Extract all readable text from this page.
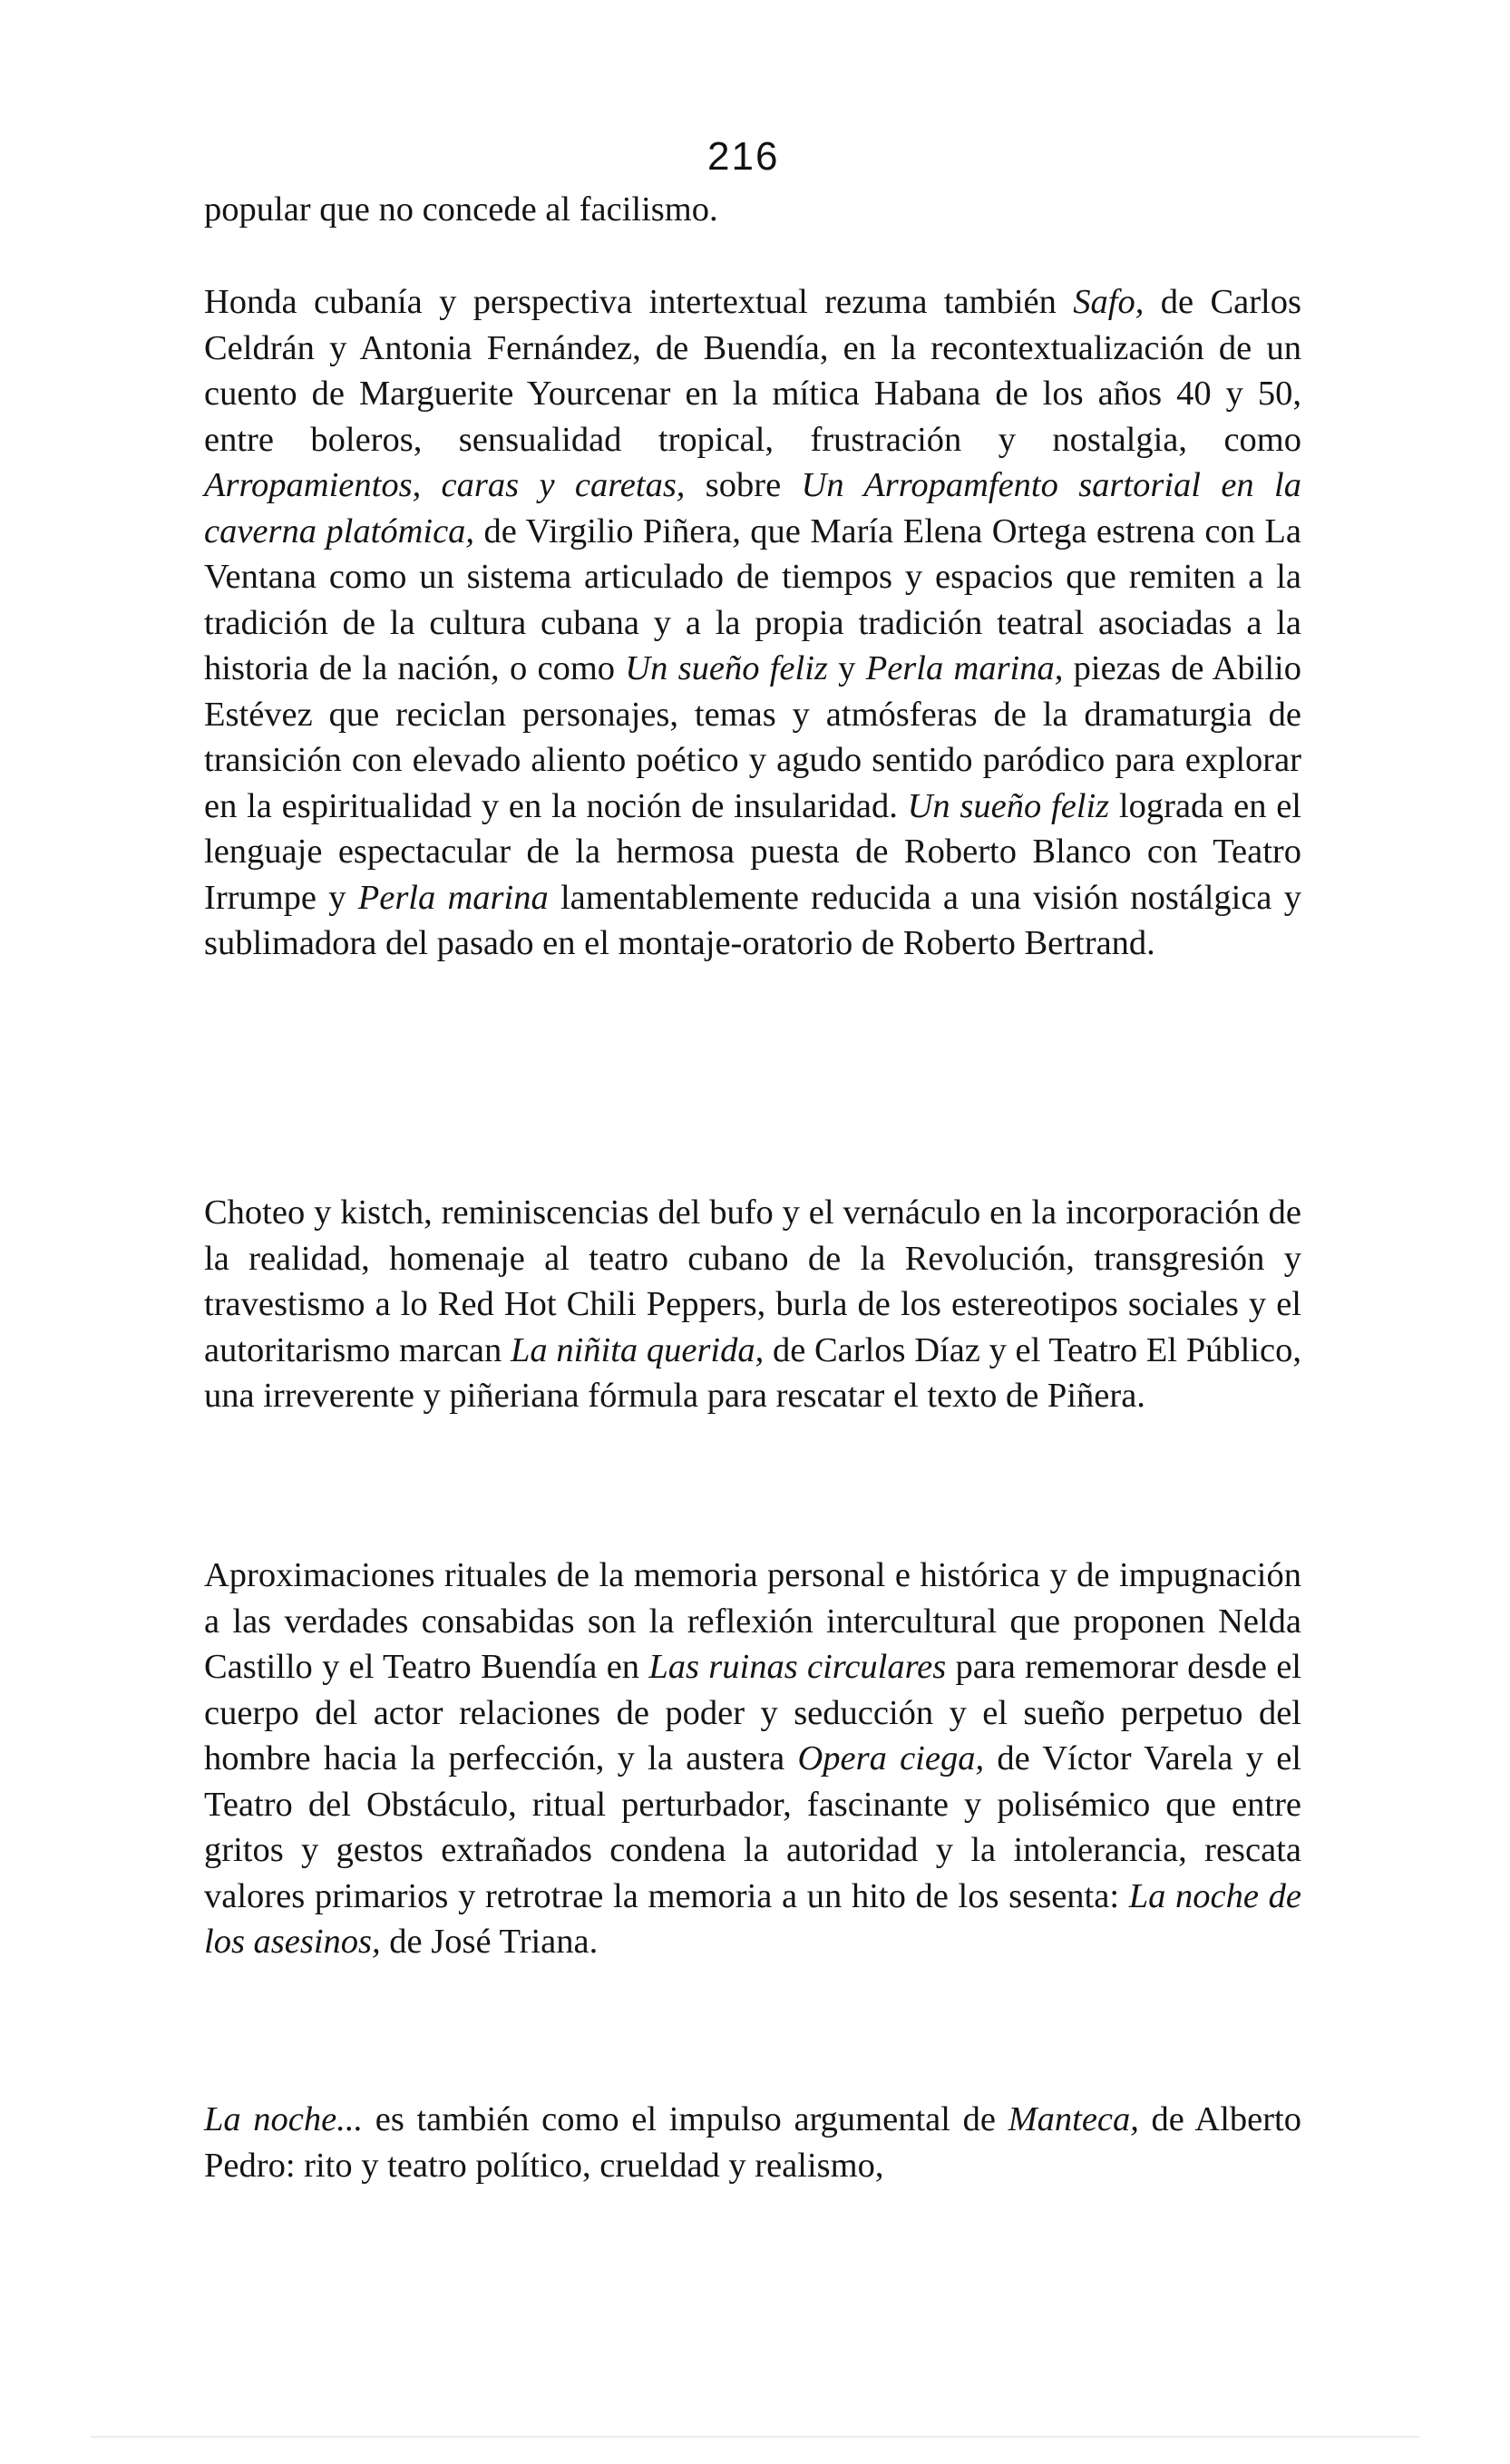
216

popular que no concede al facilismo.

Honda cubanía y perspectiva intertextual rezuma también Safo, de Carlos Celdrán y Antonia Fernández, de Buendía, en la recontextualización de un cuento de Marguerite Yourcenar en la mítica Habana de los años 40 y 50, entre boleros, sensualidad tropical, frustración y nostalgia, como Arropamientos, caras y caretas, sobre Un Arropamfento sartorial en la caverna platómica, de Virgilio Piñera, que María Elena Ortega estrena con La Ventana como un sistema articulado de tiempos y espacios que remiten a la tradición de la cultura cubana y a la propia tradición teatral asociadas a la historia de la nación, o como Un sueño feliz y Perla marina, piezas de Abilio Estévez que reciclan personajes, temas y atmósferas de la dramaturgia de transición con elevado aliento poético y agudo sentido paródico para explorar en la espiritualidad y en la noción de insularidad. Un sueño feliz lograda en el lenguaje espectacular de la hermosa puesta de Roberto Blanco con Teatro Irrumpe y Perla marina lamentablemente reducida a una visión nostálgica y sublimadora del pasado en el montaje-oratorio de Roberto Bertrand.

Choteo y kistch, reminiscencias del bufo y el vernáculo en la incorporación de la realidad, homenaje al teatro cubano de la Revolución, transgresión y travestismo a lo Red Hot Chili Peppers, burla de los estereotipos sociales y el autoritarismo marcan La niñita querida, de Carlos Díaz y el Teatro El Público, una irreverente y piñeriana fórmula para rescatar el texto de Piñera.

Aproximaciones rituales de la memoria personal e histórica y de impugnación a las verdades consabidas son la reflexión intercultural que proponen Nelda Castillo y el Teatro Buendía en Las ruinas circulares para rememorar desde el cuerpo del actor relaciones de poder y seducción y el sueño perpetuo del hombre hacia la perfección, y la austera Opera ciega, de Víctor Varela y el Teatro del Obstáculo, ritual perturbador, fascinante y polisémico que entre gritos y gestos extrañados condena la autoridad y la intolerancia, rescata valores primarios y retrotrae la memoria a un hito de los sesenta: La noche de los asesinos, de José Triana.

La noche... es también como el impulso argumental de Manteca, de Alberto Pedro: rito y teatro político, crueldad y realismo,
